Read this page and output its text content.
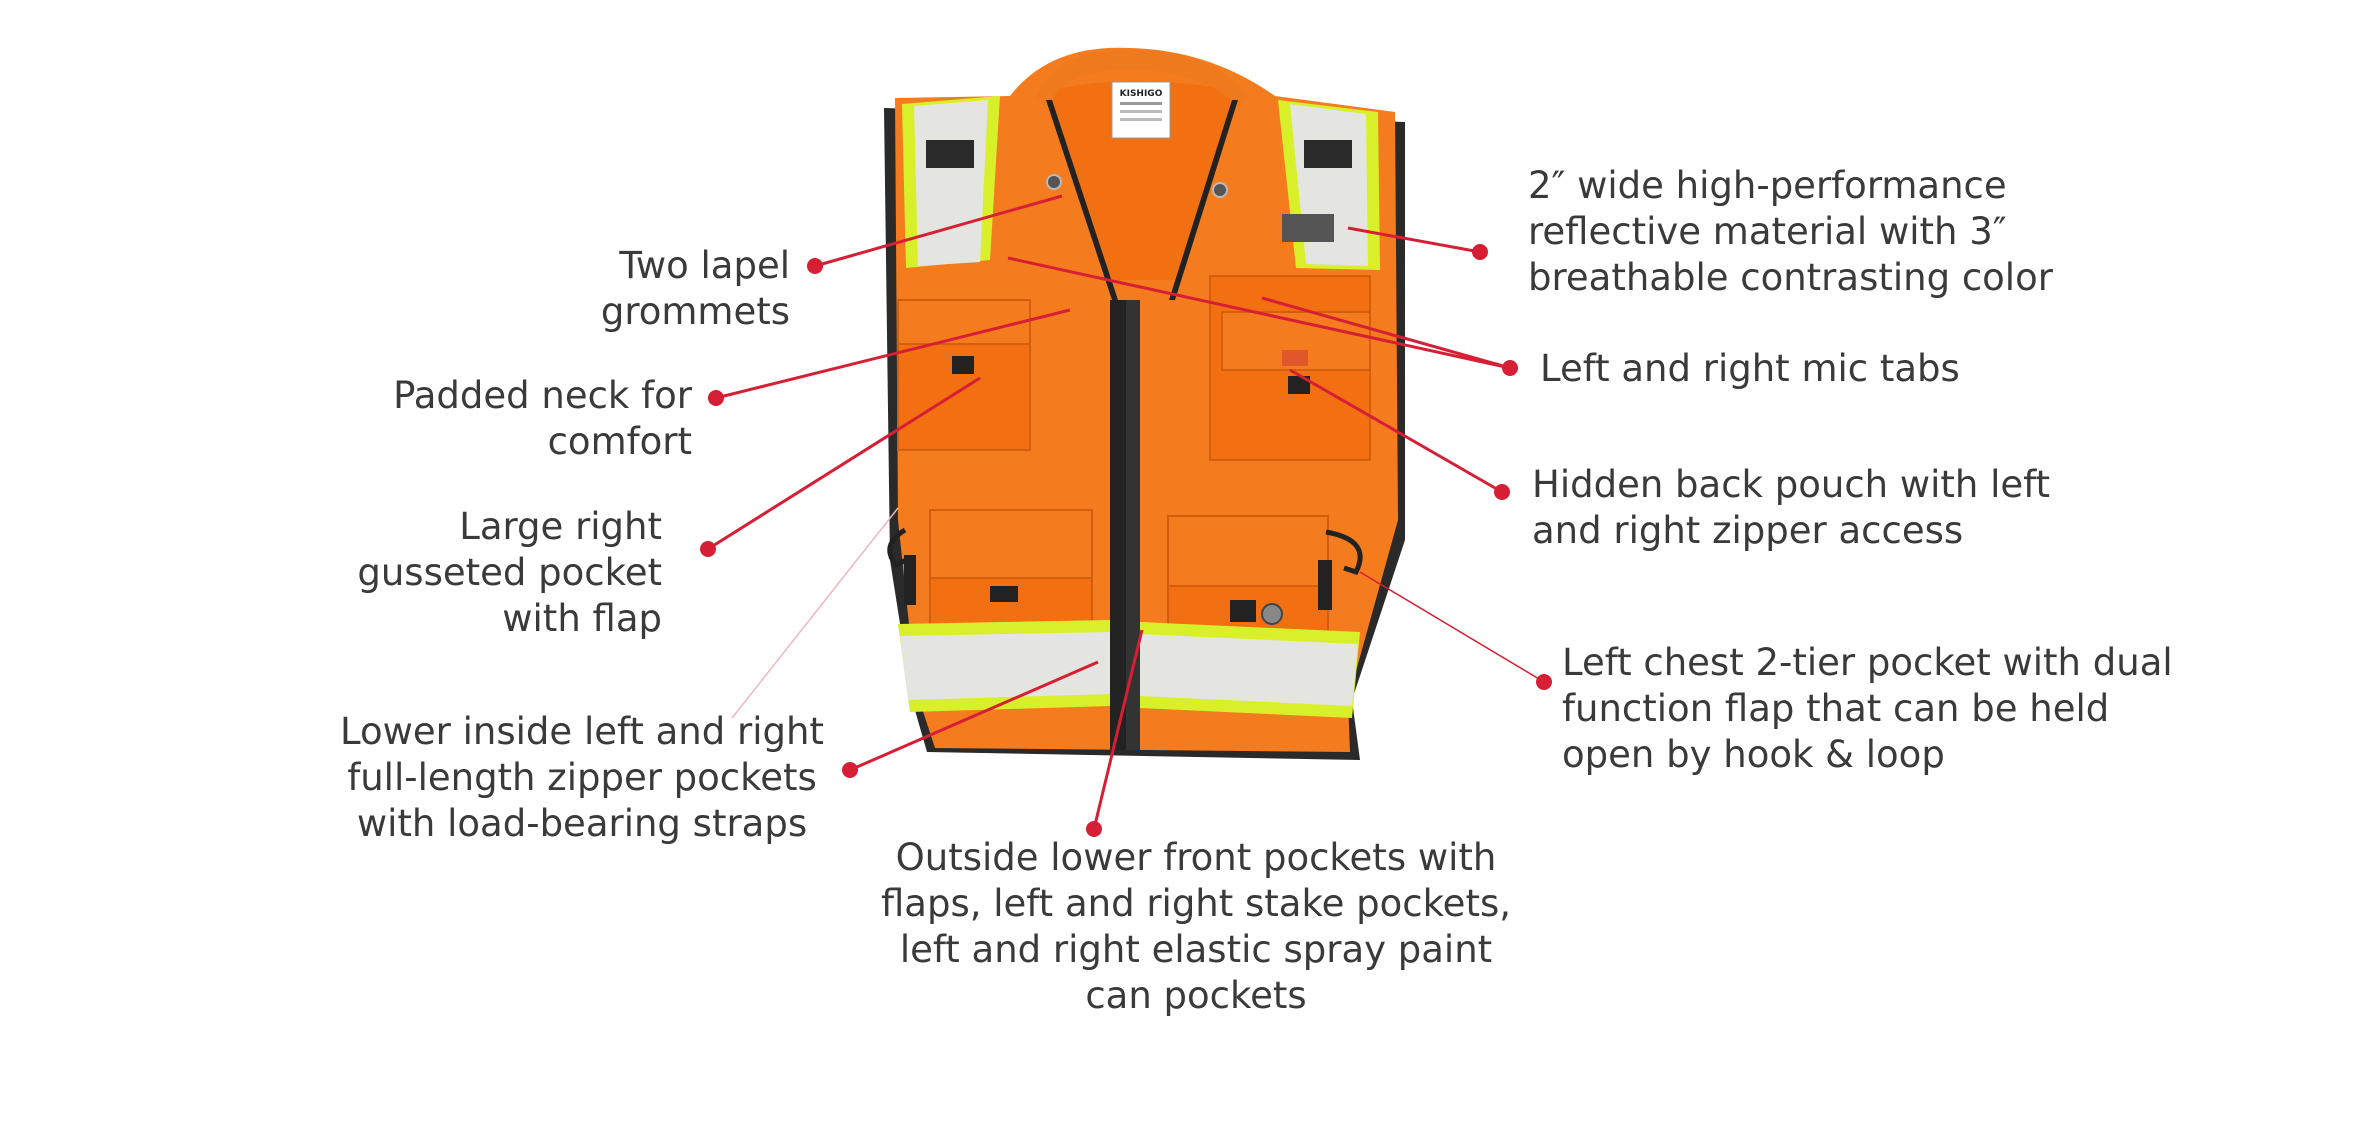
KISHIGO
Two lapel
grommets
Padded neck for
comfort
Large right
gusseted pocket
with flap
Lower inside left and right
full-length zipper pockets
with load-bearing straps
Outside lower front pockets with
flaps, left and right stake pockets,
left and right elastic spray paint
can pockets
2″ wide high-performance
reflective material with 3″
breathable contrasting color
Left and right mic tabs
Hidden back pouch with left
and right zipper access
Left chest 2-tier pocket with dual
function flap that can be held
open by hook & loop
